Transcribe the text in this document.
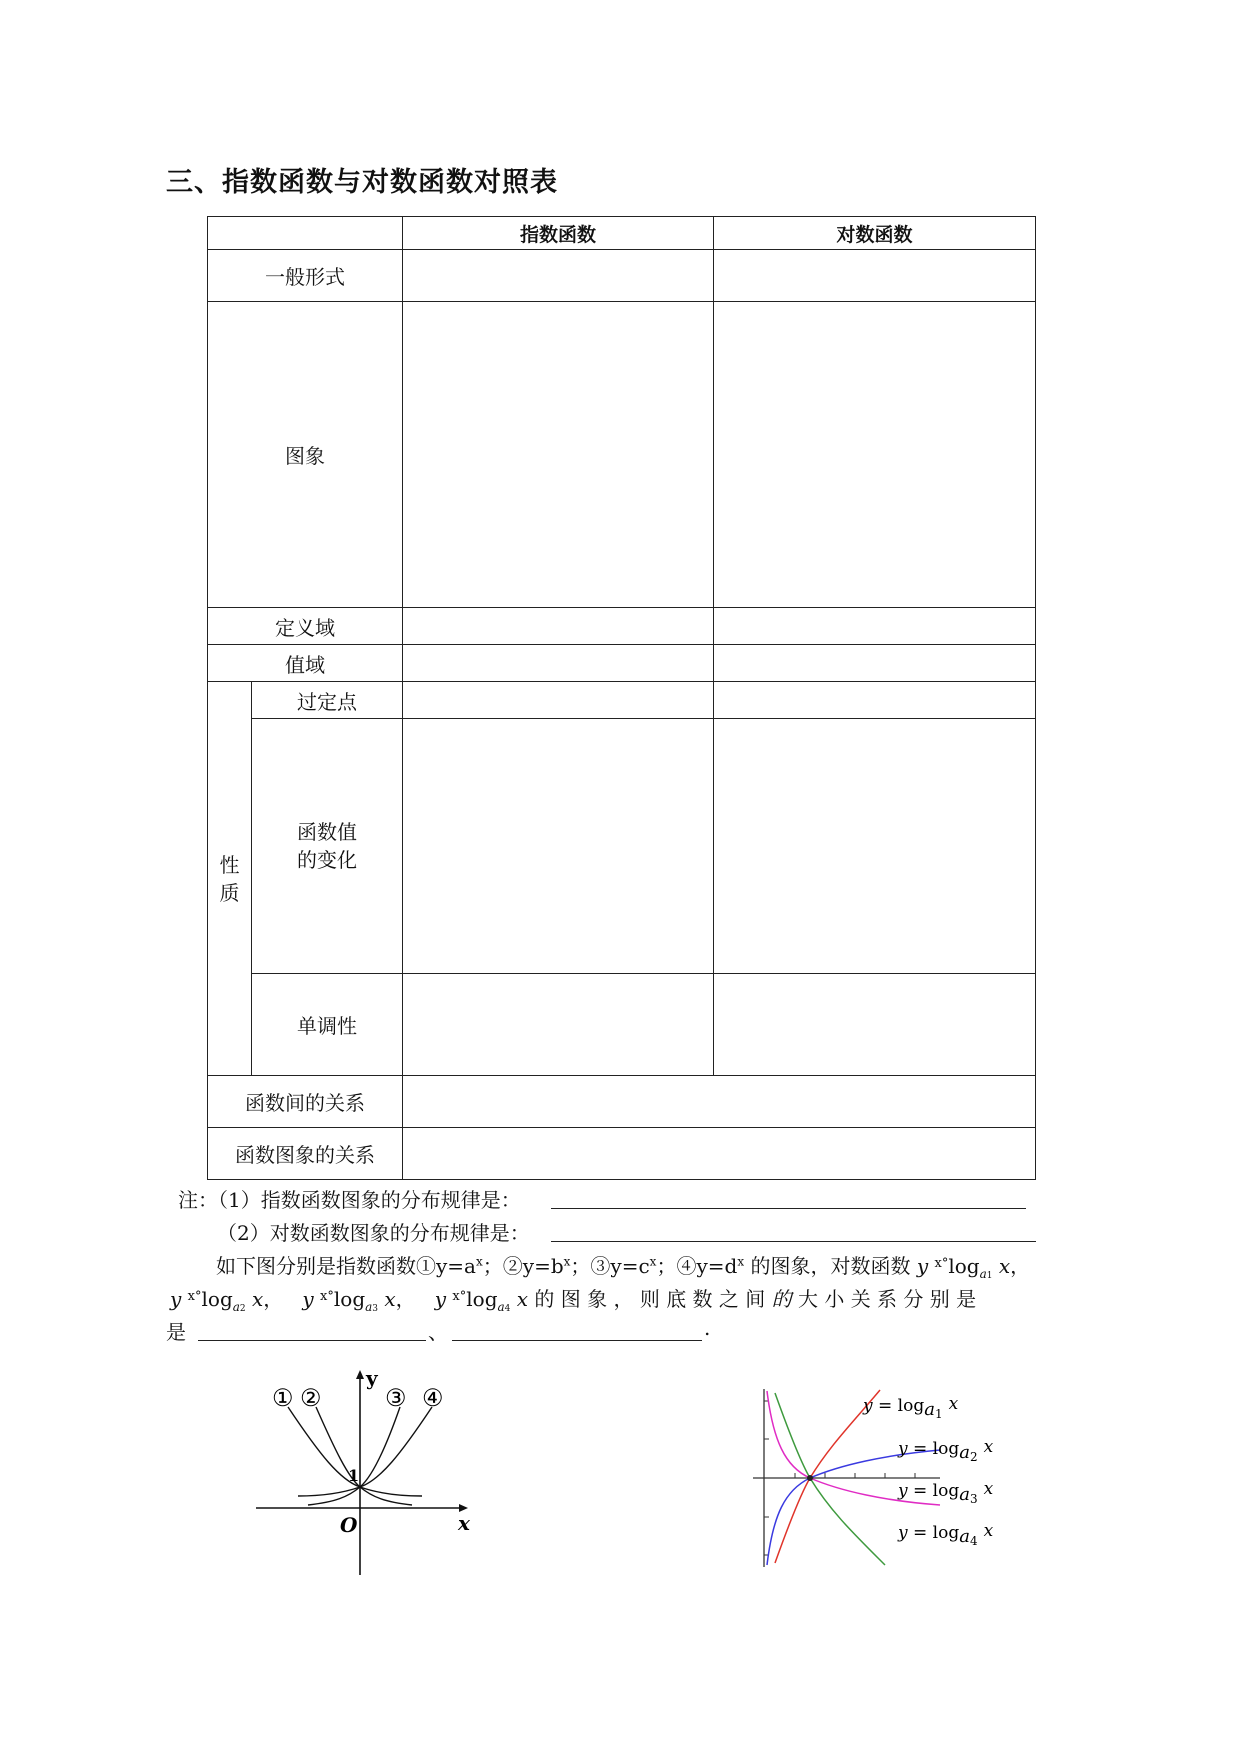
三、指数函数与对数函数对照表
		指数函数	对数函数
一般形式			
图象			
定义域			
值域			
性
质	过定点		
	函数值
的变化		
	单调性		
函数间的关系			
函数图象的关系			
注：（1）指数函数图象的分布规律是：
（2）对数函数图象的分布规律是：
如下图分别是指数函数$①y=a^x$；$②y=b^x$；$③y=c^x$；$④y=d^x$ 的图象，对数函数 y $^{x^\circ}\log_{a1}$ x，
y $^{x^\circ}\log_{a2}$ x，   y $^{x^\circ}\log_{a3}$ x，   y $^{x^\circ}\log_{a4}$ x 的 图 象 ， 则 底 数 之 间 的 大 小 关 系 分 别 是
是	、	.
① ②	③ ④
y
x
O
1
y = loga1 x
y = loga2 x
y = loga3 x
y = loga4 x
